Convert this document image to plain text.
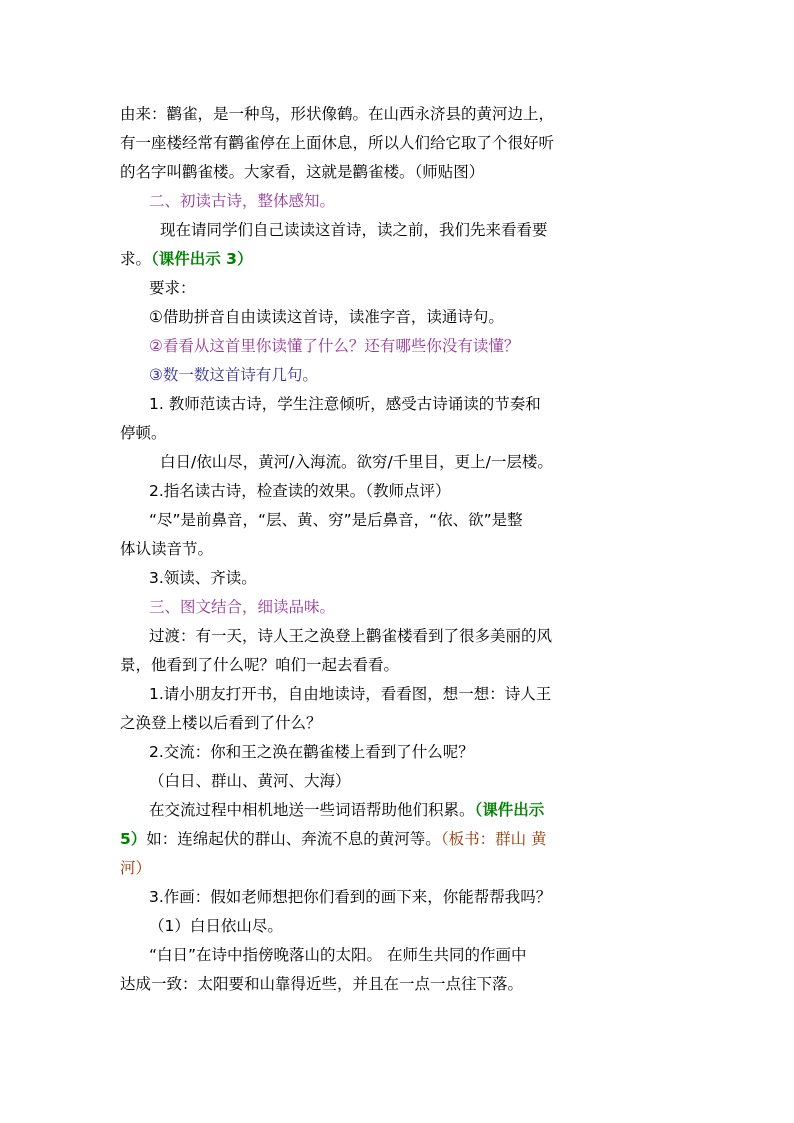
由来：鹳雀，是一种鸟，形状像鹤。在山西永济县的黄河边上，
有一座楼经常有鹳雀停在上面休息，所以人们给它取了个很好听
的名字叫鹳雀楼。大家看，这就是鹳雀楼。（师贴图）
二、初读古诗，整体感知。
现在请同学们自己读读这首诗，读之前，我们先来看看要
求。（课件出示 3）
要求：
①借助拼音自由读读这首诗，读准字音，读通诗句。
②看看从这首里你读懂了什么？还有哪些你没有读懂？
③数一数这首诗有几句。
1. 教师范读古诗，学生注意倾听，感受古诗诵读的节奏和
停顿。
白日/依山尽，黄河/入海流。欲穷/千里目，更上/一层楼。
2.指名读古诗，检查读的效果。（教师点评）
“尽”是前鼻音，“层、黄、穷”是后鼻音，“依、欲”是整
体认读音节。
3.领读、齐读。
三、图文结合，细读品味。
过渡：有一天，诗人王之涣登上鹳雀楼看到了很多美丽的风
景，他看到了什么呢？咱们一起去看看。
1.请小朋友打开书，自由地读诗，看看图，想一想：诗人王
之涣登上楼以后看到了什么？
2.交流：你和王之涣在鹳雀楼上看到了什么呢？
（白日、群山、黄河、大海）
在交流过程中相机地送一些词语帮助他们积累。（课件出示
5）如：连绵起伏的群山、奔流不息的黄河等。（板书：群山 黄
河）
3.作画：假如老师想把你们看到的画下来，你能帮帮我吗？
（1）白日依山尽。
“白日”在诗中指傍晚落山的太阳。 在师生共同的作画中
达成一致：太阳要和山靠得近些，并且在一点一点往下落。
